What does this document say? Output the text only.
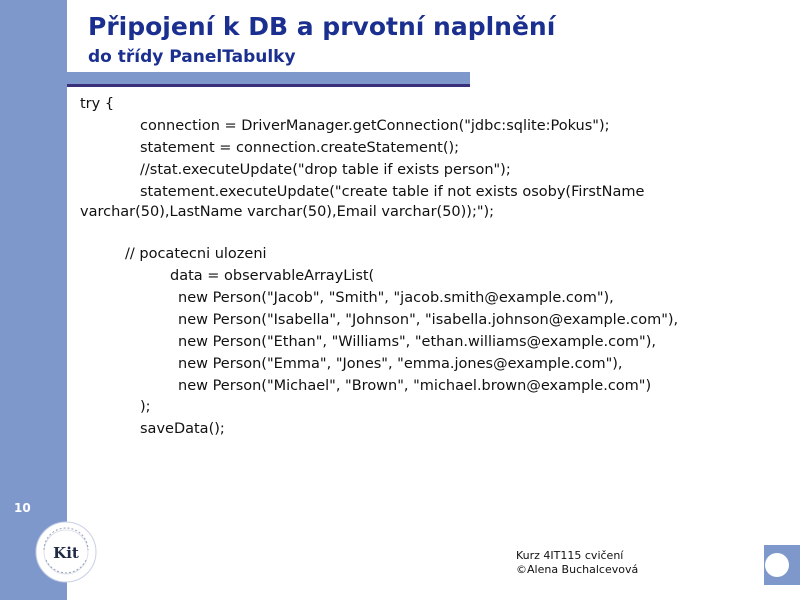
Připojení k DB a prvotní naplnění
do třídy PanelTabulky
try {
connection = DriverManager.getConnection("jdbc:sqlite:Pokus");
statement = connection.createStatement();
//stat.executeUpdate("drop table if exists person");
statement.executeUpdate("create table if not exists osoby(FirstName
varchar(50),LastName varchar(50),Email varchar(50));");
// pocatecni ulozeni
data = observableArrayList(
new Person("Jacob", "Smith", "jacob.smith@example.com"),
new Person("Isabella", "Johnson", "isabella.johnson@example.com"),
new Person("Ethan", "Williams", "ethan.williams@example.com"),
new Person("Emma", "Jones", "emma.jones@example.com"),
new Person("Michael", "Brown", "michael.brown@example.com")
);
saveData();
10
Kit	Kurz 4IT115 cvičení
©Alena Buchalcevová
